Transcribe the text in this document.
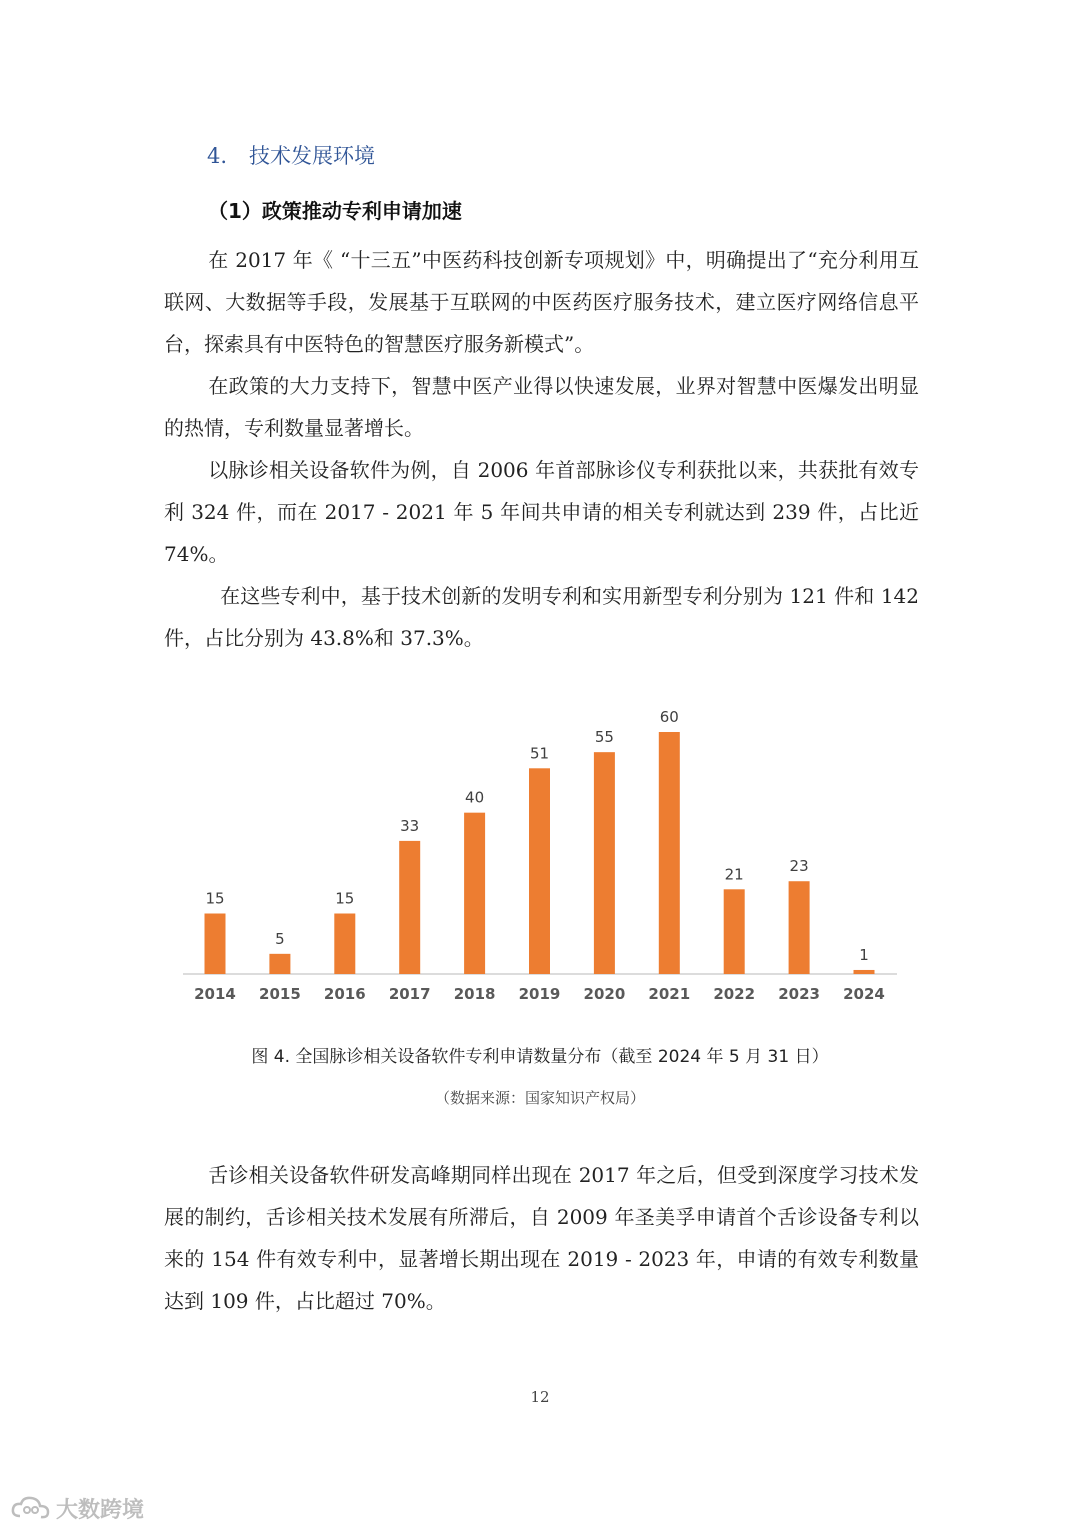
4. 技术发展环境
（1）政策推动专利申请加速

在 2017 年《 “十三五”中医药科技创新专项规划》中，明确提出了“充分利用互联网、大数据等手段，发展基于互联网的中医药医疗服务技术，建立医疗网络信息平台，探索具有中医特色的智慧医疗服务新模式”。

在政策的大力支持下，智慧中医产业得以快速发展，业界对智慧中医爆发出明显的热情，专利数量显著增长。

以脉诊相关设备软件为例，自 2006 年首部脉诊仪专利获批以来，共获批有效专利 324 件，而在 2017 - 2021 年 5 年间共申请的相关专利就达到 239 件，占比近 74%。

在这些专利中，基于技术创新的发明专利和实用新型专利分别为 121 件和 142 件，占比分别为 43.8%和 37.3%。

15
2014
5
2015
15
2016
33
2017
40
2018
51
2019
55
2020
60
2021
21
2022
23
2023
1
2024
图 4. 全国脉诊相关设备软件专利申请数量分布（截至 2024 年 5 月 31 日）
（数据来源：国家知识产权局）

舌诊相关设备软件研发高峰期同样出现在 2017 年之后，但受到深度学习技术发展的制约，舌诊相关技术发展有所滞后，自 2009 年圣美孚申请首个舌诊设备专利以来的 154 件有效专利中，显著增长期出现在 2019 - 2023 年，申请的有效专利数量达到 109 件，占比超过 70%。

12
大数跨境
